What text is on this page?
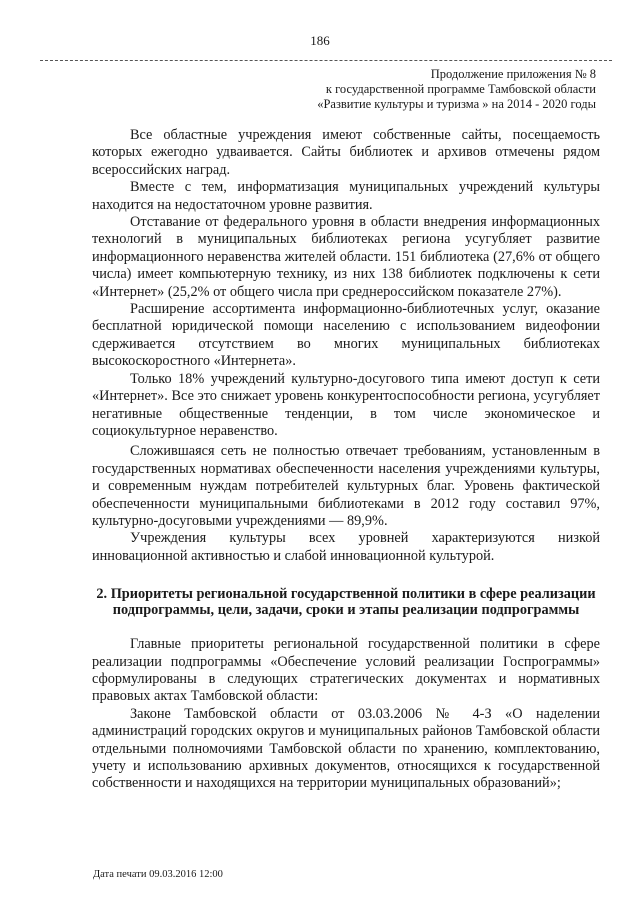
186
Продолжение приложения № 8
к государственной программе Тамбовской области
«Развитие культуры и туризма » на 2014 - 2020 годы

Все областные учреждения имеют собственные сайты, посещаемость которых ежегодно удваивается. Сайты библиотек и архивов отмечены рядом всероссийских наград.

Вместе с тем, информатизация муниципальных учреждений культуры находится на недостаточном уровне развития.

Отставание от федерального уровня в области внедрения информационных технологий в муниципальных библиотеках региона усугубляет развитие информационного неравенства жителей области. 151 библиотека (27,6% от общего числа) имеет компьютерную технику, из них 138 библиотек подключены к сети «Интернет» (25,2% от общего числа при среднероссийском показателе 27%).

Расширение ассортимента информационно-библиотечных услуг, оказание бесплатной юридической помощи населению с использованием видеофонии сдерживается отсутствием во многих муниципальных библиотеках высокоскоростного «Интернета».

Только 18% учреждений культурно-досугового типа имеют доступ к сети «Интернет». Все это снижает уровень конкурентоспособности региона, усугубляет негативные общественные тенденции, в том числе экономическое и социокультурное неравенство.

Сложившаяся сеть не полностью отвечает требованиям, установленным в государственных нормативах обеспеченности населения учреждениями культуры, и современным нуждам потребителей культурных благ. Уровень фактической обеспеченности муниципальными библиотеками в 2012 году составил 97%, культурно-досуговыми учреждениями — 89,9%.

Учреждения культуры всех уровней характеризуются низкой инновационной активностью и слабой инновационной культурой.

2. Приоритеты региональной государственной политики в сфере реализации подпрограммы, цели, задачи, сроки и этапы реализации подпрограммы

Главные приоритеты региональной государственной политики в сфере реализации подпрограммы «Обеспечение условий реализации Госпрограммы» сформулированы в следующих стратегических документах и нормативных правовых актах Тамбовской области:

Законе Тамбовской области от 03.03.2006 № 4-З «О наделении администраций городских округов и муниципальных районов Тамбовской области отдельными полномочиями Тамбовской области по хранению, комплектованию, учету и использованию архивных документов, относящихся к государственной собственности и находящихся на территории муниципальных образований»;

Дата печати 09.03.2016 12:00
